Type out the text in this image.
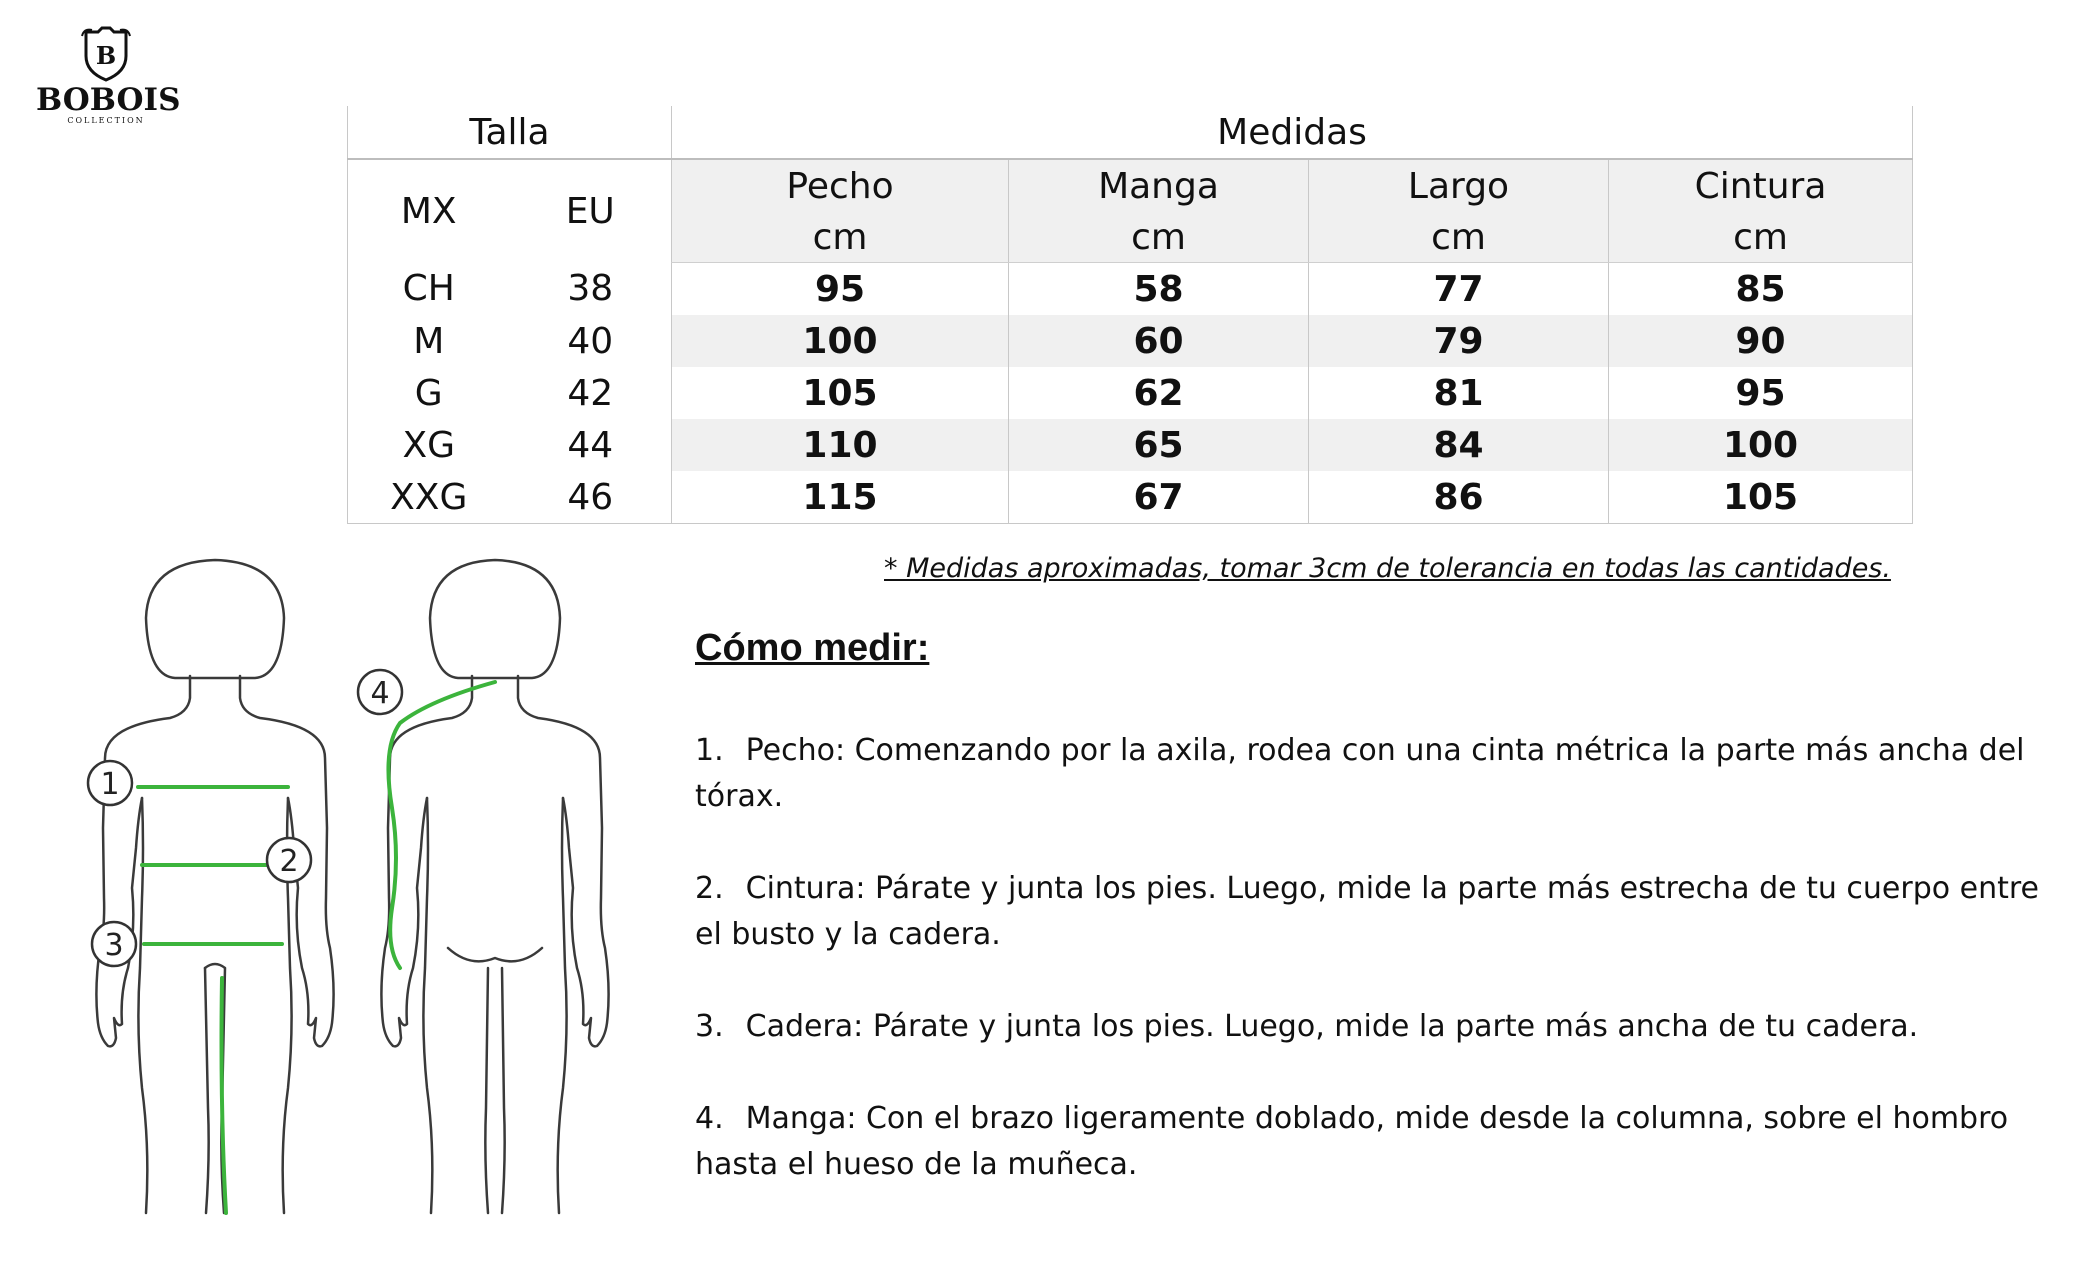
B
BOBOIS
COLLECTION	Talla		Medidas			
MX	EU	Pecho	Manga	Largo	Cintura
		cm	cm	cm	cm
CH	38	95	58	77	85
M	40	100	60	79	90
G	42	105	62	81	95
XG	44	110	65	84	100
XXG	46	115	67	86	105
1
2
3
4
* Medidas aproximadas, tomar 3cm de tolerancia en todas las cantidades.
Cómo medir:
1. Pecho: Comenzando por la axila, rodea con una cinta métrica la parte más ancha del tórax.
2. Cintura: Párate y junta los pies. Luego, mide la parte más estrecha de tu cuerpo entre el busto y la cadera.
3. Cadera: Párate y junta los pies. Luego, mide la parte más ancha de tu cadera.
4. Manga: Con el brazo ligeramente doblado, mide desde la columna, sobre el hombro hasta el hueso de la muñeca.
